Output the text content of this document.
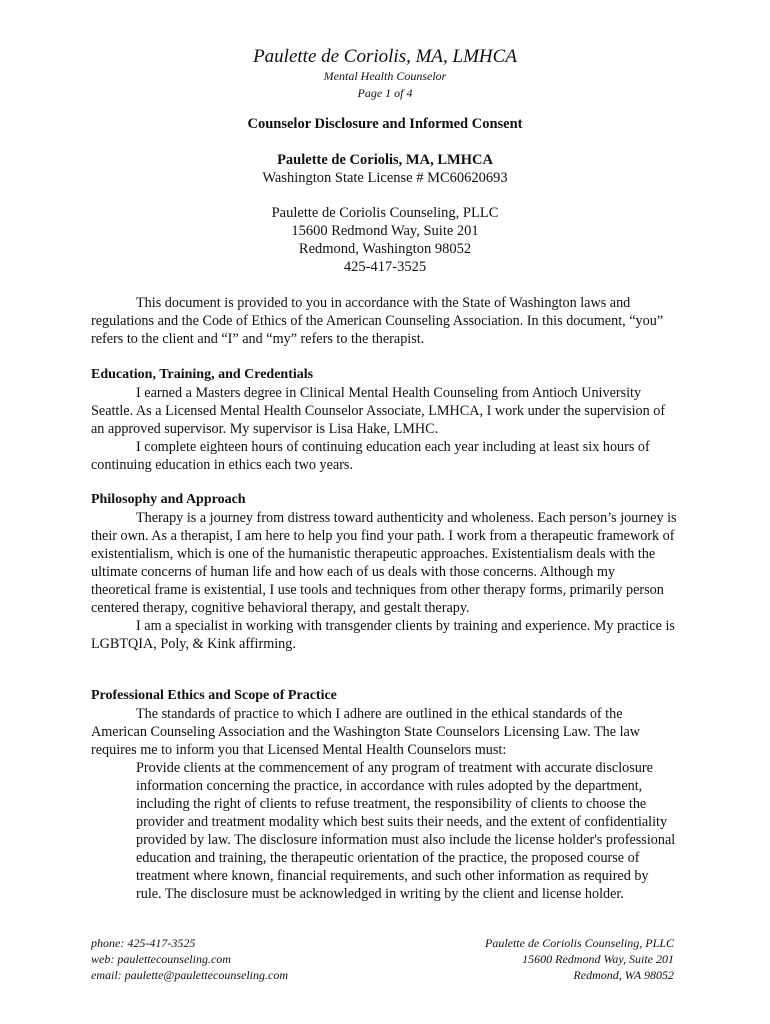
Paulette de Coriolis, MA, LMHCA
Mental Health Counselor
Page 1 of 4
Counselor Disclosure and Informed Consent
Paulette de Coriolis, MA, LMHCA
Washington State License # MC60620693
Paulette de Coriolis Counseling, PLLC
15600 Redmond Way, Suite 201
Redmond, Washington 98052
425-417-3525

This document is provided to you in accordance with the State of Washington laws and regulations and the Code of Ethics of the American Counseling Association. In this document, “you” refers to the client and “I” and “my” refers to the therapist.

Education, Training, and Credentials

I earned a Masters degree in Clinical Mental Health Counseling from Antioch University Seattle. As a Licensed Mental Health Counselor Associate, LMHCA, I work under the supervision of an approved supervisor. My supervisor is Lisa Hake, LMHC.

I complete eighteen hours of continuing education each year including at least six hours of continuing education in ethics each two years.

Philosophy and Approach

Therapy is a journey from distress toward authenticity and wholeness. Each person’s journey is their own. As a therapist, I am here to help you find your path. I work from a therapeutic framework of existentialism, which is one of the humanistic therapeutic approaches. Existentialism deals with the ultimate concerns of human life and how each of us deals with those concerns. Although my theoretical frame is existential, I use tools and techniques from other therapy forms, primarily person centered therapy, cognitive behavioral therapy, and gestalt therapy.

I am a specialist in working with transgender clients by training and experience. My practice is LGBTQIA, Poly, & Kink affirming.

Professional Ethics and Scope of Practice

The standards of practice to which I adhere are outlined in the ethical standards of the American Counseling Association and the Washington State Counselors Licensing Law. The law requires me to inform you that Licensed Mental Health Counselors must:

Provide clients at the commencement of any program of treatment with accurate disclosure information concerning the practice, in accordance with rules adopted by the department, including the right of clients to refuse treatment, the responsibility of clients to choose the provider and treatment modality which best suits their needs, and the extent of confidentiality provided by law. The disclosure information must also include the license holder's professional education and training, the therapeutic orientation of the practice, the proposed course of treatment where known, financial requirements, and such other information as required by rule. The disclosure must be acknowledged in writing by the client and license holder.

phone: 425-417-3525
web: paulettecounseling.com
email: paulette@paulettecounseling.com
Paulette de Coriolis Counseling, PLLC
15600 Redmond Way, Suite 201
Redmond, WA 98052
